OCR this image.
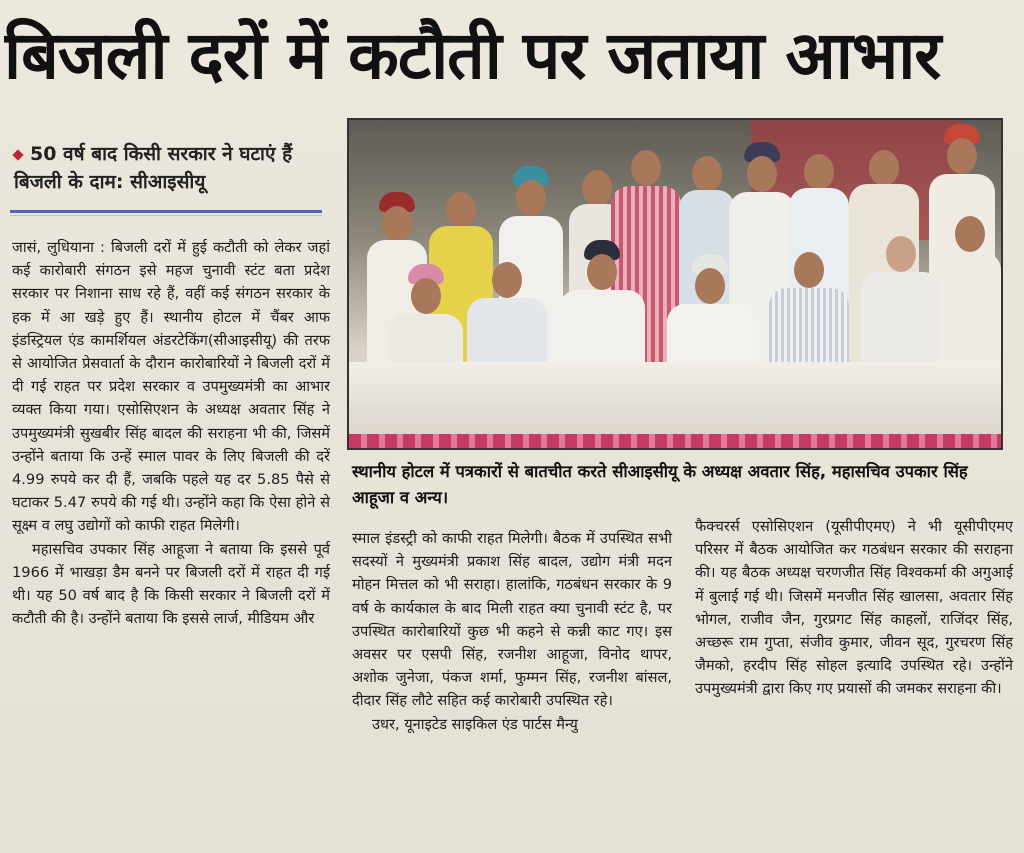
बिजली दरों में कटौती पर जताया आभार
50 वर्ष बाद किसी सरकार ने घटाएं हैं बिजली के दाम: सीआइसीयू

जासं, लुधियाना : बिजली दरों में हुई कटौती को लेकर जहां कई कारोबारी संगठन इसे महज चुनावी स्टंट बता प्रदेश सरकार पर निशाना साध रहे हैं, वहीं कई संगठन सरकार के हक में आ खड़े हुए हैं। स्थानीय होटल में चैंबर आफ इंडस्ट्रियल एंड कामर्शियल अंडरटेकिंग(सीआइसीयू) की तरफ से आयोजित प्रेसवार्ता के दौरान कारोबारियों ने बिजली दरों में दी गई राहत पर प्रदेश सरकार व उपमुख्यमंत्री का आभार व्यक्त किया गया। एसोसिएशन के अध्यक्ष अवतार सिंह ने उपमुख्यमंत्री सुखबीर सिंह बादल की सराहना भी की, जिसमें उन्होंने बताया कि उन्हें स्माल पावर के लिए बिजली की दरें 4.99 रुपये कर दी हैं, जबकि पहले यह दर 5.85 पैसे से घटाकर 5.47 रुपये की गई थी। उन्होंने कहा कि ऐसा होने से सूक्ष्म व लघु उद्योगों को काफी राहत मिलेगी।

महासचिव उपकार सिंह आहूजा ने बताया कि इससे पूर्व 1966 में भाखड़ा डैम बनने पर बिजली दरों में राहत दी गई थी। यह 50 वर्ष बाद है कि किसी सरकार ने बिजली दरों में कटौती की है। उन्होंने बताया कि इससे लार्ज, मीडियम और

स्थानीय होटल में पत्रकारों से बातचीत करते सीआइसीयू के अध्यक्ष अवतार सिंह, महासचिव उपकार सिंह आहूजा व अन्य।

स्माल इंडस्ट्री को काफी राहत मिलेगी। बैठक में उपस्थित सभी सदस्यों ने मुख्यमंत्री प्रकाश सिंह बादल, उद्योग मंत्री मदन मोहन मित्तल को भी सराहा। हालांकि, गठबंधन सरकार के 9 वर्ष के कार्यकाल के बाद मिली राहत क्या चुनावी स्टंट है, पर उपस्थित कारोबारियों कुछ भी कहने से कन्नी काट गए। इस अवसर पर एसपी सिंह, रजनीश आहूजा, विनोद थापर, अशोक जुनेजा, पंकज शर्मा, फुम्मन सिंह, रजनीश बांसल, दीदार सिंह लौटे सहित कई कारोबारी उपस्थित रहे।

उधर, यूनाइटेड साइकिल एंड पार्टस मैन्यु

फैक्चरर्स एसोसिएशन (यूसीपीएमए) ने भी यूसीपीएमए परिसर में बैठक आयोजित कर गठबंधन सरकार की सराहना की। यह बैठक अध्यक्ष चरणजीत सिंह विश्वकर्मा की अगुआई में बुलाई गई थी। जिसमें मनजीत सिंह खालसा, अवतार सिंह भोगल, राजीव जैन, गुरप्रगट सिंह काहलों, राजिंदर सिंह, अच्छरू राम गुप्ता, संजीव कुमार, जीवन सूद, गुरचरण सिंह जैमको, हरदीप सिंह सोहल इत्यादि उपस्थित रहे। उन्होंने उपमुख्यमंत्री द्वारा किए गए प्रयासों की जमकर सराहना की।
